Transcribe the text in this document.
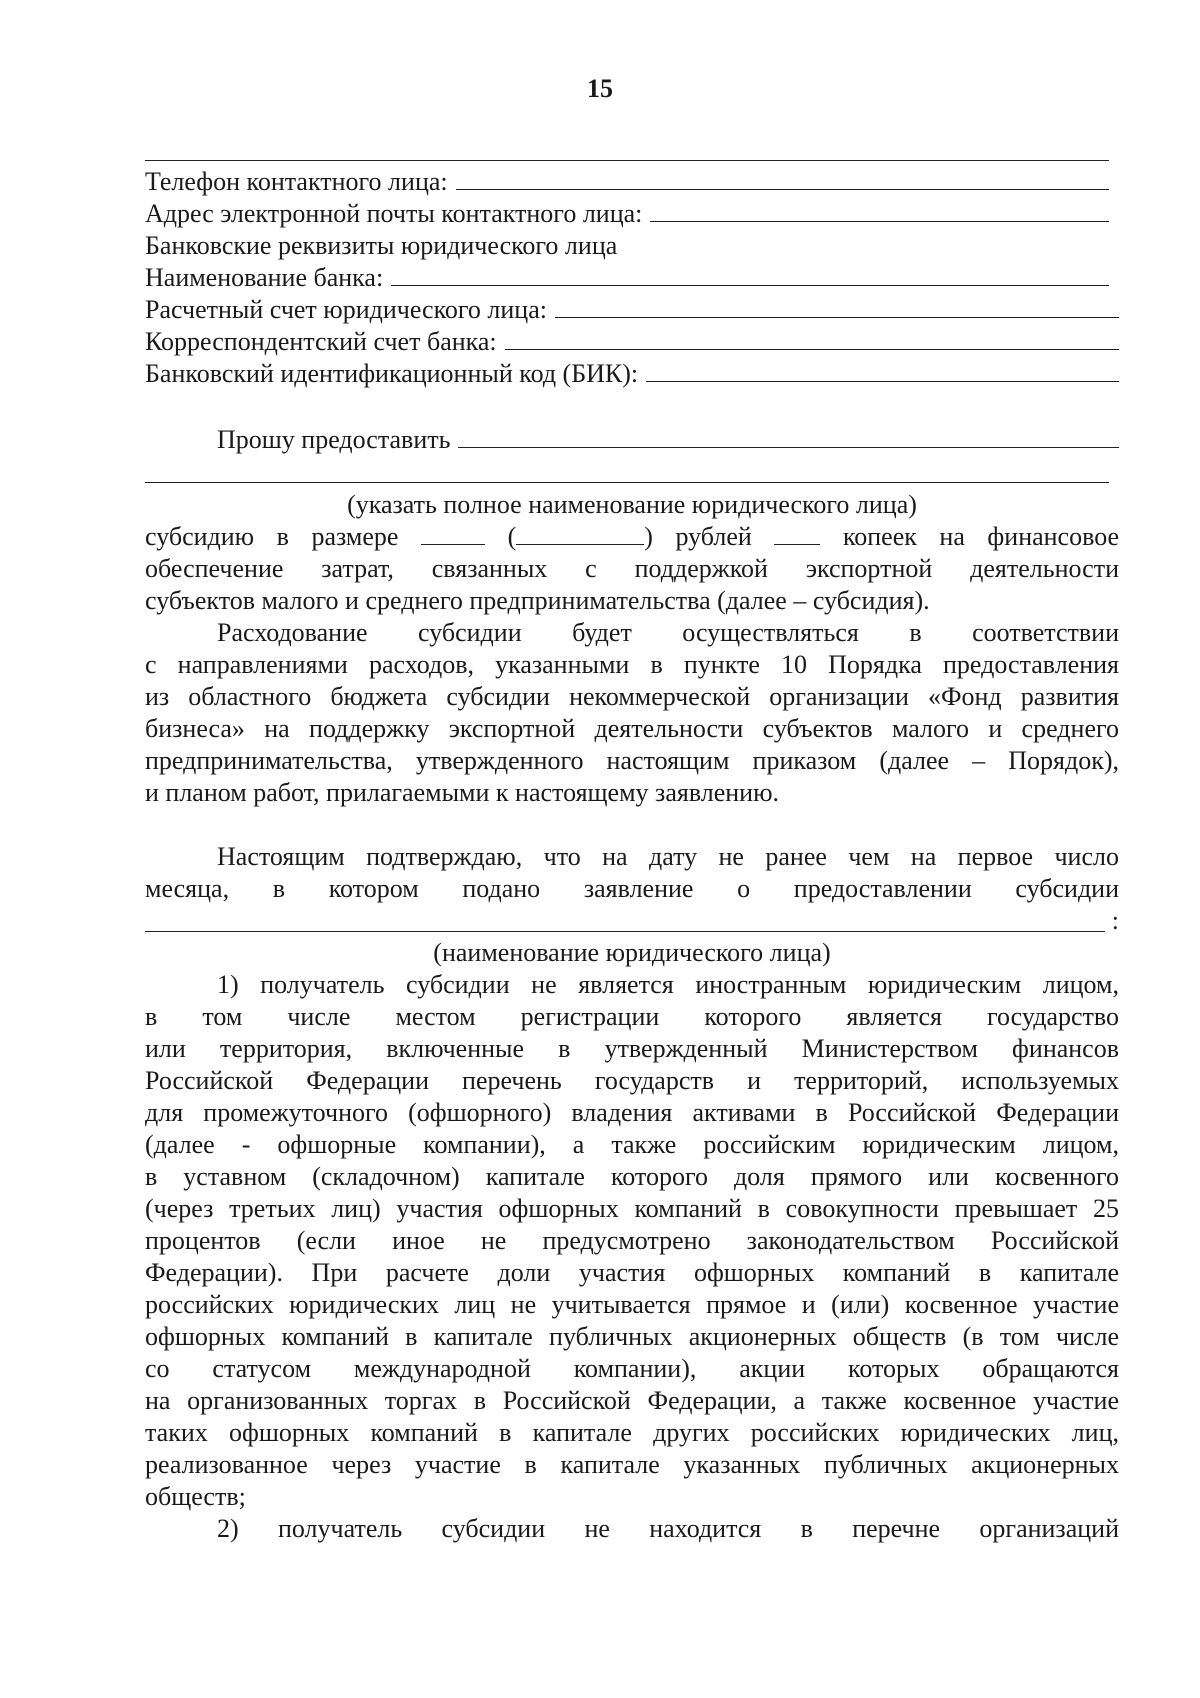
15
Телефон контактного лица:
Адрес электронной почты контактного лица:
Банковские реквизиты юридического лица
Наименование банка:
Расчетный счет юридического лица:
Корреспондентский счет банка:
Банковский идентификационный код (БИК):
Прошу предоставить
(указать полное наименование юридического лица)
субсидию в размере	(	) рублей	копеек на финансовое
обеспечение затрат, связанных с поддержкой экспортной деятельности
субъектов малого и среднего предпринимательства (далее – субсидия).
Расходование субсидии будет осуществляться в соответствии
с направлениями расходов, указанными в пункте 10 Порядка предоставления
из областного бюджета субсидии некоммерческой организации «Фонд развития
бизнеса» на поддержку экспортной деятельности субъектов малого и среднего
предпринимательства, утвержденного настоящим приказом (далее – Порядок),
и планом работ, прилагаемыми к настоящему заявлению.
Настоящим подтверждаю, что на дату не ранее чем на первое число
месяца, в котором подано заявление о предоставлении субсидии
:
(наименование юридического лица)
1) получатель субсидии не является иностранным юридическим лицом,
в том числе местом регистрации которого является государство
или территория, включенные в утвержденный Министерством финансов
Российской Федерации перечень государств и территорий, используемых
для промежуточного (офшорного) владения активами в Российской Федерации
(далее - офшорные компании), а также российским юридическим лицом,
в уставном (складочном) капитале которого доля прямого или косвенного
(через третьих лиц) участия офшорных компаний в совокупности превышает 25
процентов (если иное не предусмотрено законодательством Российской
Федерации). При расчете доли участия офшорных компаний в капитале
российских юридических лиц не учитывается прямое и (или) косвенное участие
офшорных компаний в капитале публичных акционерных обществ (в том числе
со статусом международной компании), акции которых обращаются
на организованных торгах в Российской Федерации, а также косвенное участие
таких офшорных компаний в капитале других российских юридических лиц,
реализованное через участие в капитале указанных публичных акционерных
обществ;
2) получатель субсидии не находится в перечне организаций
